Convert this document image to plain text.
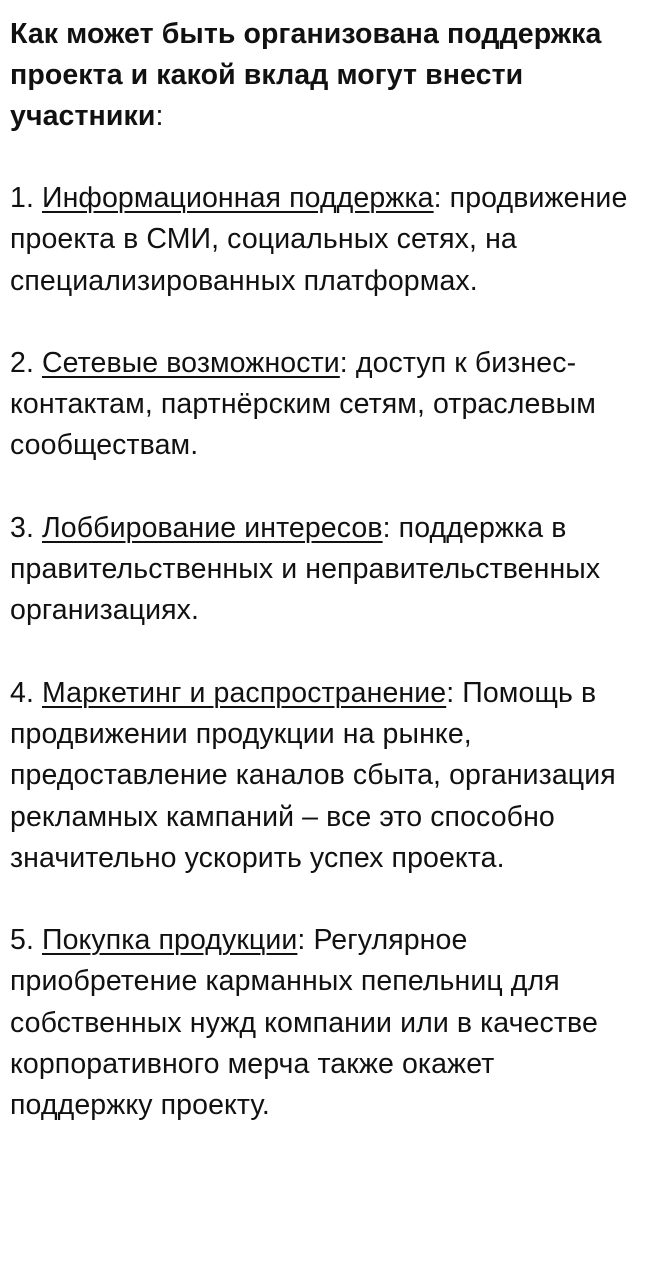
Как может быть организована поддержка проекта и какой вклад могут внести участники:

1. Информационная поддержка: продвижение проекта в СМИ, социальных сетях, на специализированных платформах.

2. Сетевые возможности: доступ к бизнес-контактам, партнёрским сетям, отраслевым сообществам.

3. Лоббирование интересов: поддержка в правительственных и неправительственных организациях.

4. Маркетинг и распространение: Помощь в продвижении продукции на рынке, предоставление каналов сбыта, организация рекламных кампаний – все это способно значительно ускорить успех проекта.

5. Покупка продукции: Регулярное приобретение карманных пепельниц для собственных нужд компании или в качестве корпоративного мерча также окажет поддержку проекту.
